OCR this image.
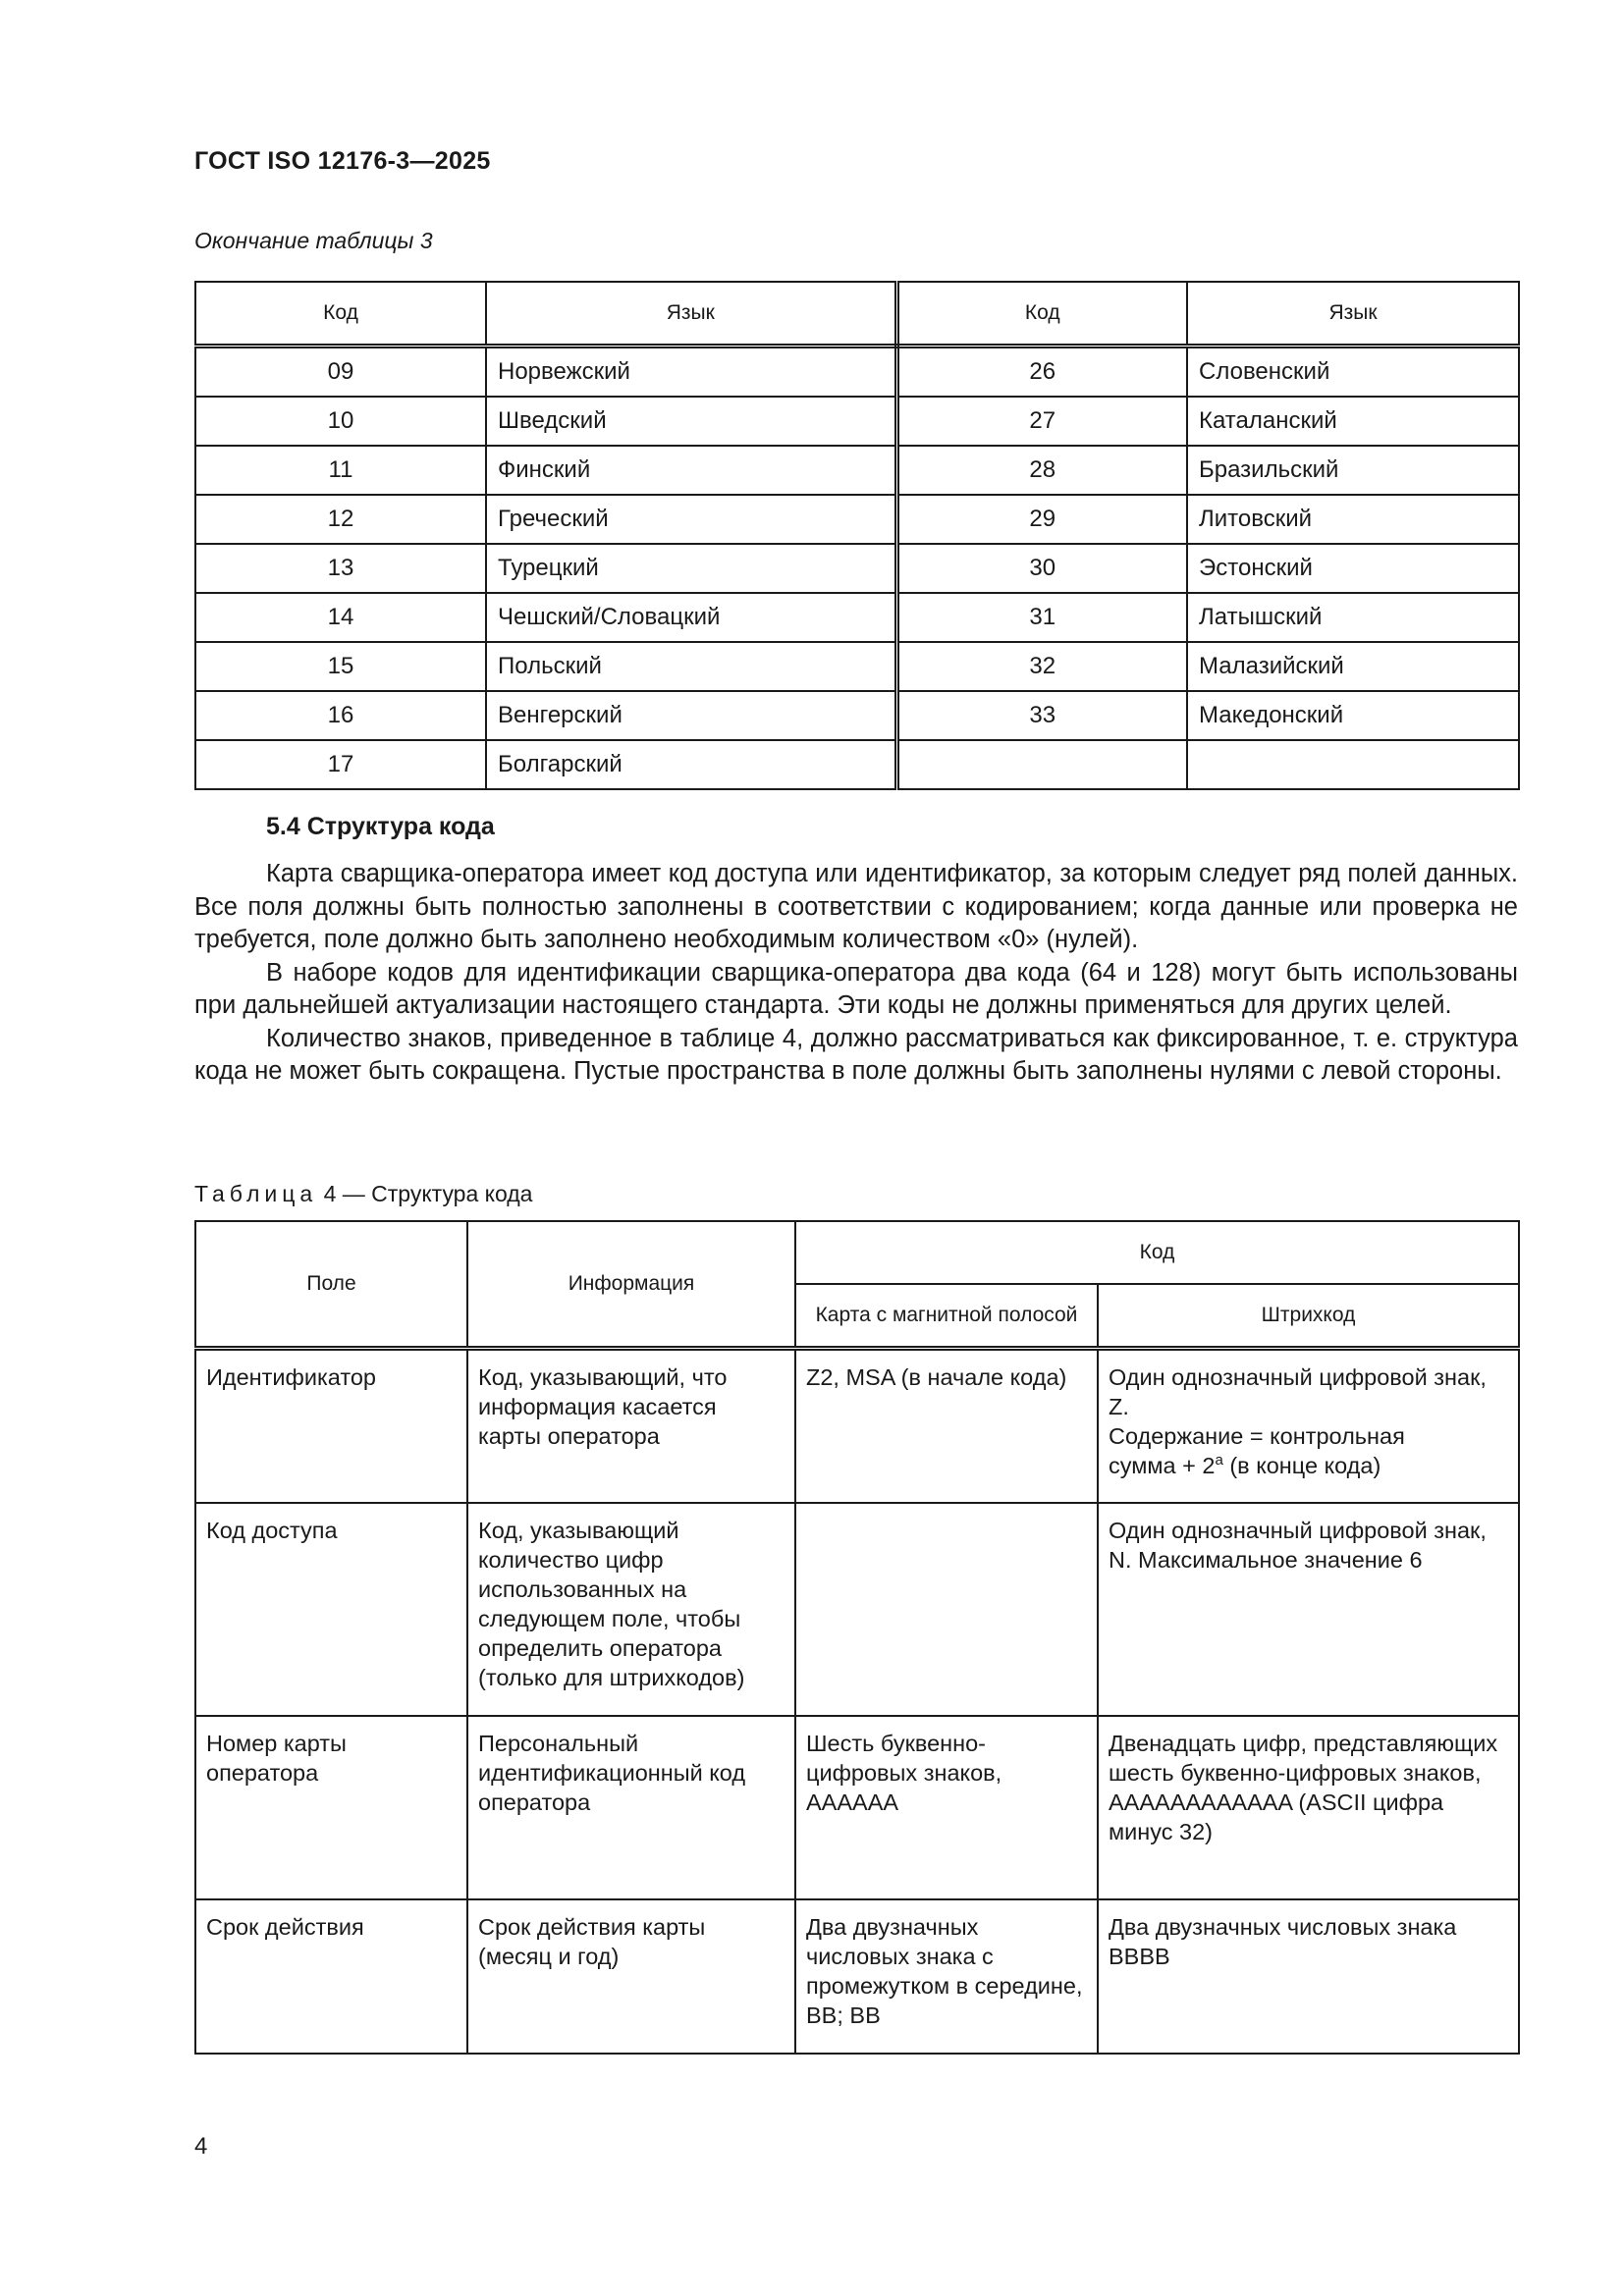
ГОСТ ISO 12176-3—2025
Окончание таблицы 3
Код	Язык	Код	Язык
09	Норвежский	26	Словенский
10	Шведский	27	Каталанский
11	Финский	28	Бразильский
12	Греческий	29	Литовский
13	Турецкий	30	Эстонский
14	Чешский/Словацкий	31	Латышский
15	Польский	32	Малазийский
16	Венгерский	33	Македонский
17	Болгарский		
5.4 Структура кода

Карта сварщика-оператора имеет код доступа или идентификатор, за которым следует ряд полей данных. Все поля должны быть полностью заполнены в соответствии с кодированием; когда данные или проверка не требуется, поле должно быть заполнено необходимым количеством «0» (нулей).

В наборе кодов для идентификации сварщика-оператора два кода (64 и 128) могут быть использованы при дальнейшей актуализации настоящего стандарта. Эти коды не должны применяться для других целей.

Количество знаков, приведенное в таблице 4, должно рассматриваться как фиксированное, т. е. структура кода не может быть сокращена. Пустые пространства в поле должны быть заполнены нулями с левой стороны.

Таблица 4 — Структура кода
Поле	Информация	Код	
		Карта с магнитной полосой	Штрихкод
Идентификатор	Код, указывающий, что информация касается карты оператора	Z2, MSA (в начале кода)	Один однозначный цифровой знак, Z.
Содержание = контрольная
сумма + $2^a$ (в конце кода)
Код доступа	Код, указывающий количество цифр использованных на следующем поле, чтобы определить оператора (только для штрихкодов)		Один однозначный цифровой знак, N. Максимальное значение 6
Номер карты оператора	Персональный идентификационный код оператора	Шесть буквенно-цифровых знаков, AAAAAA	Двенадцать цифр, представляющих шесть буквенно-цифровых знаков, AAAAAAAAAAAA (ASCII цифра минус 32)
Срок действия	Срок действия карты (месяц и год)	Два двузначных числовых знака с промежутком в середине, BB; BB	Два двузначных числовых знака BBBB
4
